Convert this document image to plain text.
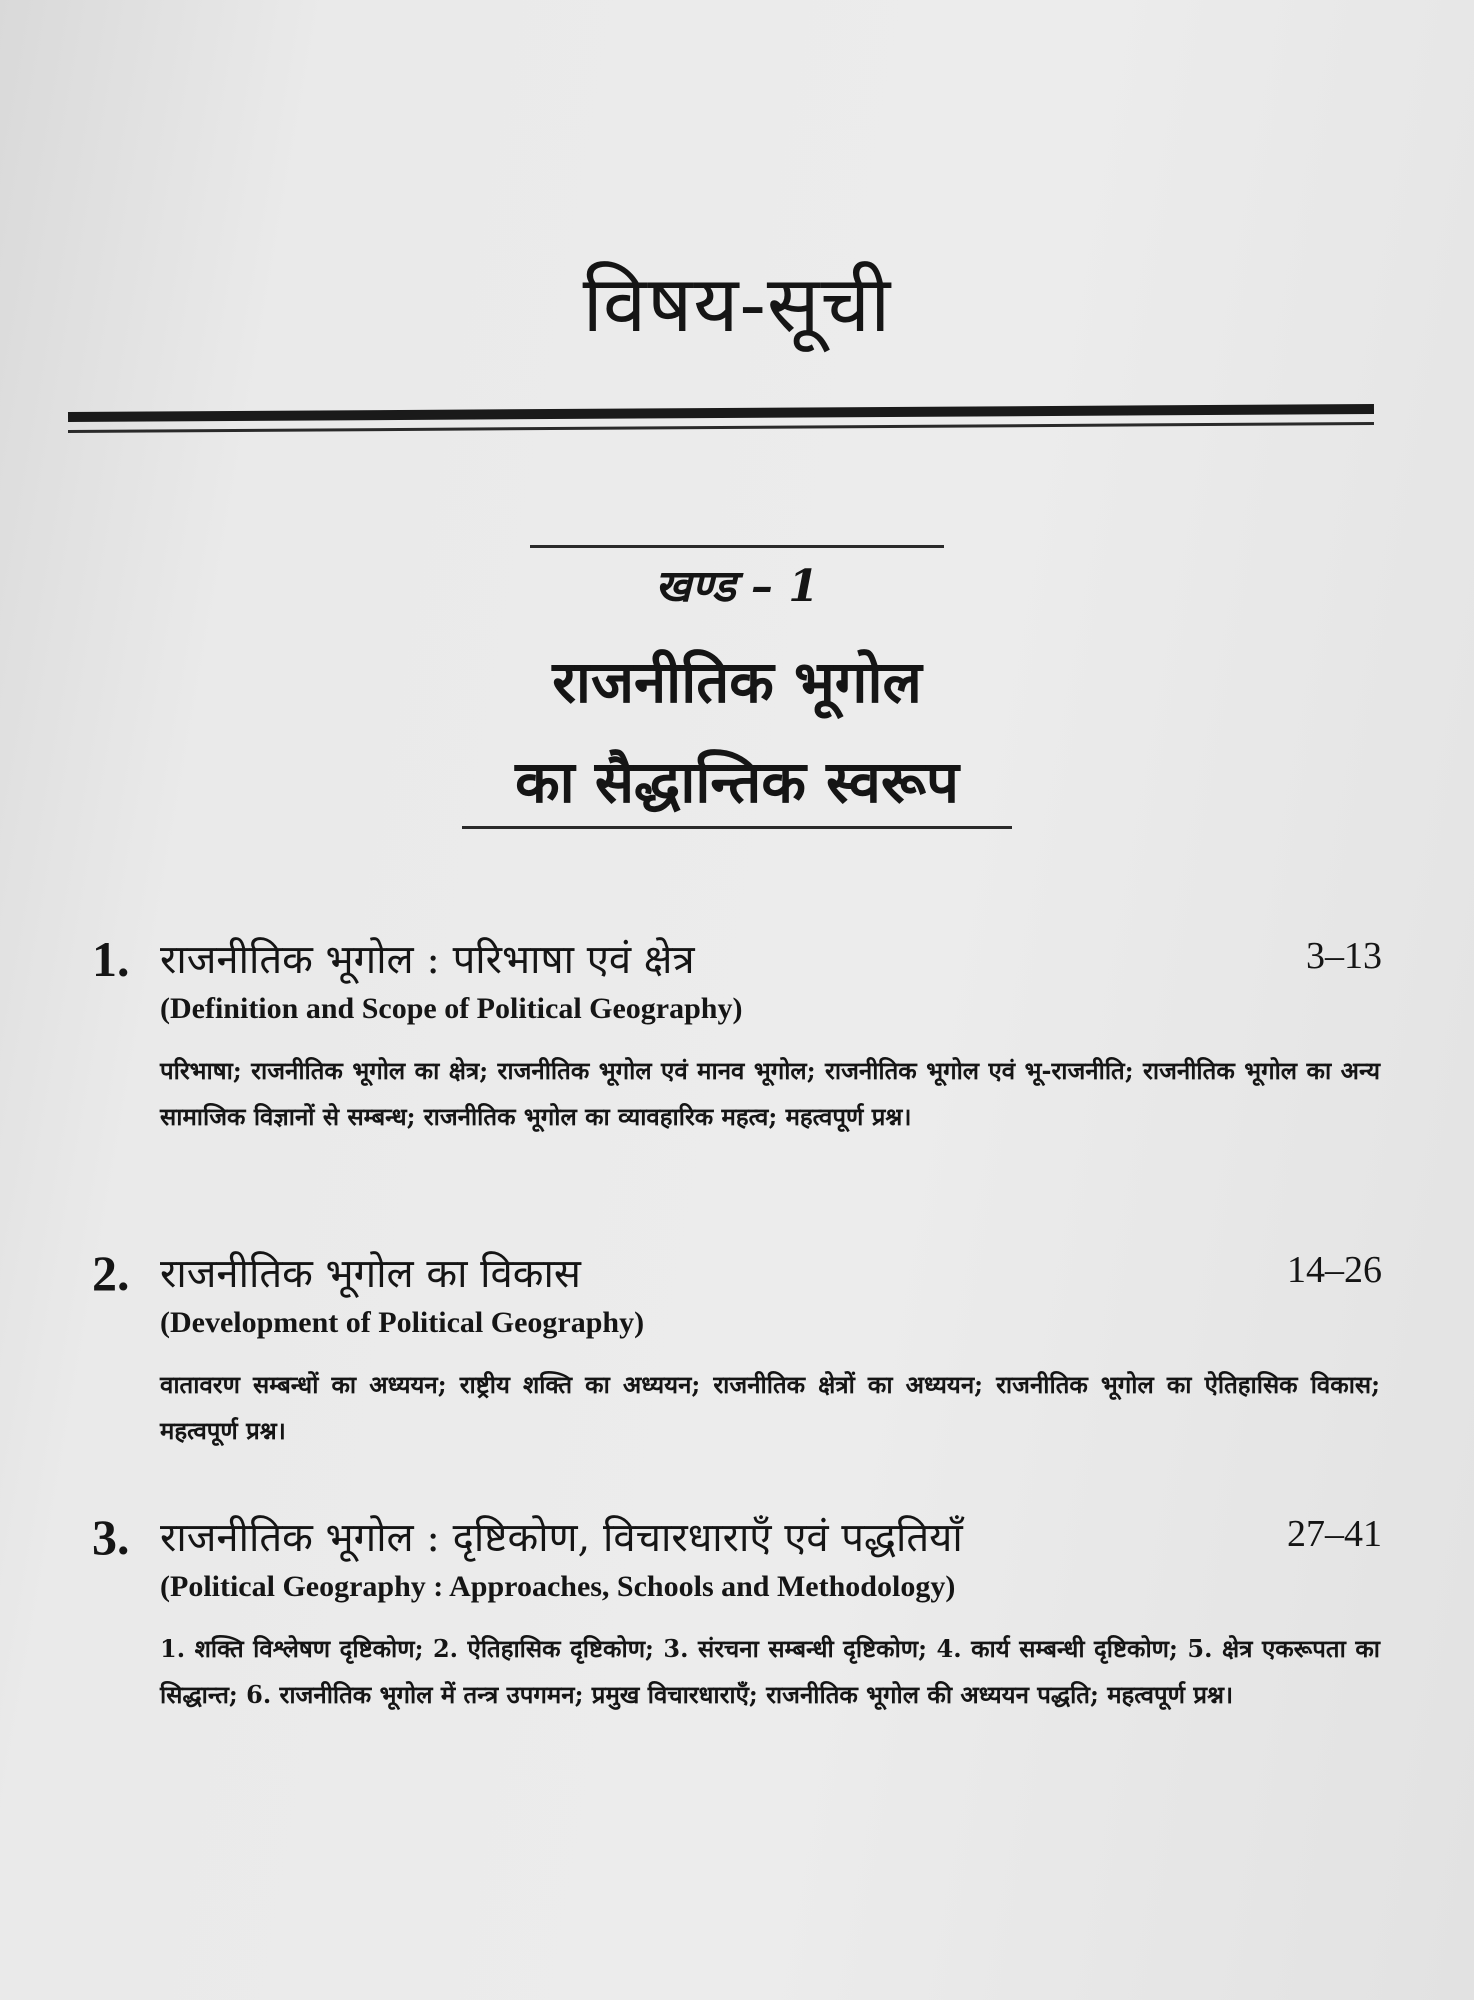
विषय-सूची
खण्ड – 1
राजनीतिक भूगोल
का सैद्धान्तिक स्वरूप
1. राजनीतिक भूगोल : परिभाषा एवं क्षेत्र	3–13
(Definition and Scope of Political Geography)
परिभाषा; राजनीतिक भूगोल का क्षेत्र; राजनीतिक भूगोल एवं मानव भूगोल; राजनीतिक भूगोल एवं भू-राजनीति; राजनीतिक भूगोल का अन्य सामाजिक विज्ञानों से सम्बन्ध; राजनीतिक भूगोल का व्यावहारिक महत्व; महत्वपूर्ण प्रश्न।
2. राजनीतिक भूगोल का विकास	14–26
(Development of Political Geography)
वातावरण सम्बन्धों का अध्ययन; राष्ट्रीय शक्ति का अध्ययन; राजनीतिक क्षेत्रों का अध्ययन; राजनीतिक भूगोल का ऐतिहासिक विकास; महत्वपूर्ण प्रश्न।
3. राजनीतिक भूगोल : दृष्टिकोण, विचारधाराएँ एवं पद्धतियाँ	27–41
(Political Geography : Approaches, Schools and Methodology)
1. शक्ति विश्लेषण दृष्टिकोण; 2. ऐतिहासिक दृष्टिकोण; 3. संरचना सम्बन्धी दृष्टिकोण; 4. कार्य सम्बन्धी दृष्टिकोण; 5. क्षेत्र एकरूपता का सिद्धान्त; 6. राजनीतिक भूगोल में तन्त्र उपगमन; प्रमुख विचारधाराएँ; राजनीतिक भूगोल की अध्ययन पद्धति; महत्वपूर्ण प्रश्न।
